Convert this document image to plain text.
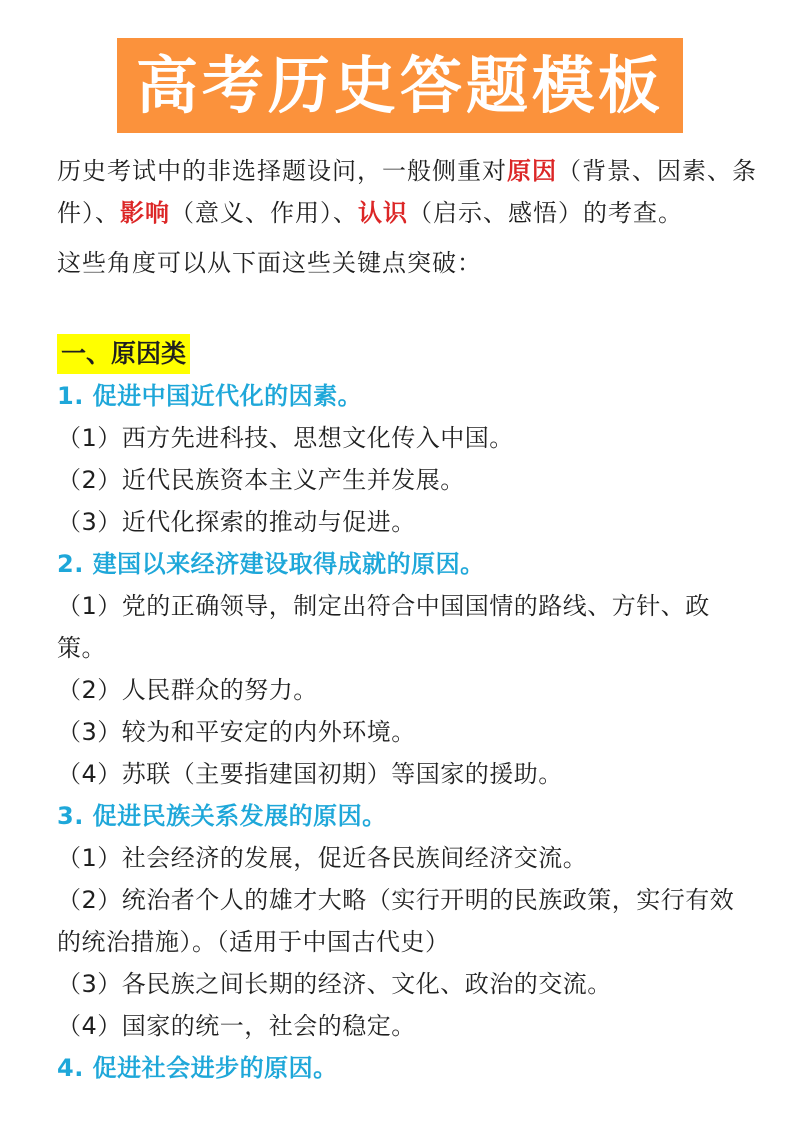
高考历史答题模板

历史考试中的非选择题设问，一般侧重对原因（背景、因素、条件）、影响（意义、作用）、认识（启示、感悟）的考查。

这些角度可以从下面这些关键点突破：

一、原因类

1. 促进中国近代化的因素。

（1）西方先进科技、思想文化传入中国。

（2）近代民族资本主义产生并发展。

（3）近代化探索的推动与促进。

2. 建国以来经济建设取得成就的原因。

（1）党的正确领导，制定出符合中国国情的路线、方针、政策。

（2）人民群众的努力。

（3）较为和平安定的内外环境。

（4）苏联（主要指建国初期）等国家的援助。

3. 促进民族关系发展的原因。

（1）社会经济的发展，促近各民族间经济交流。

（2）统治者个人的雄才大略（实行开明的民族政策，实行有效的统治措施）。（适用于中国古代史）

（3）各民族之间长期的经济、文化、政治的交流。

（4）国家的统一，社会的稳定。

4. 促进社会进步的原因。
